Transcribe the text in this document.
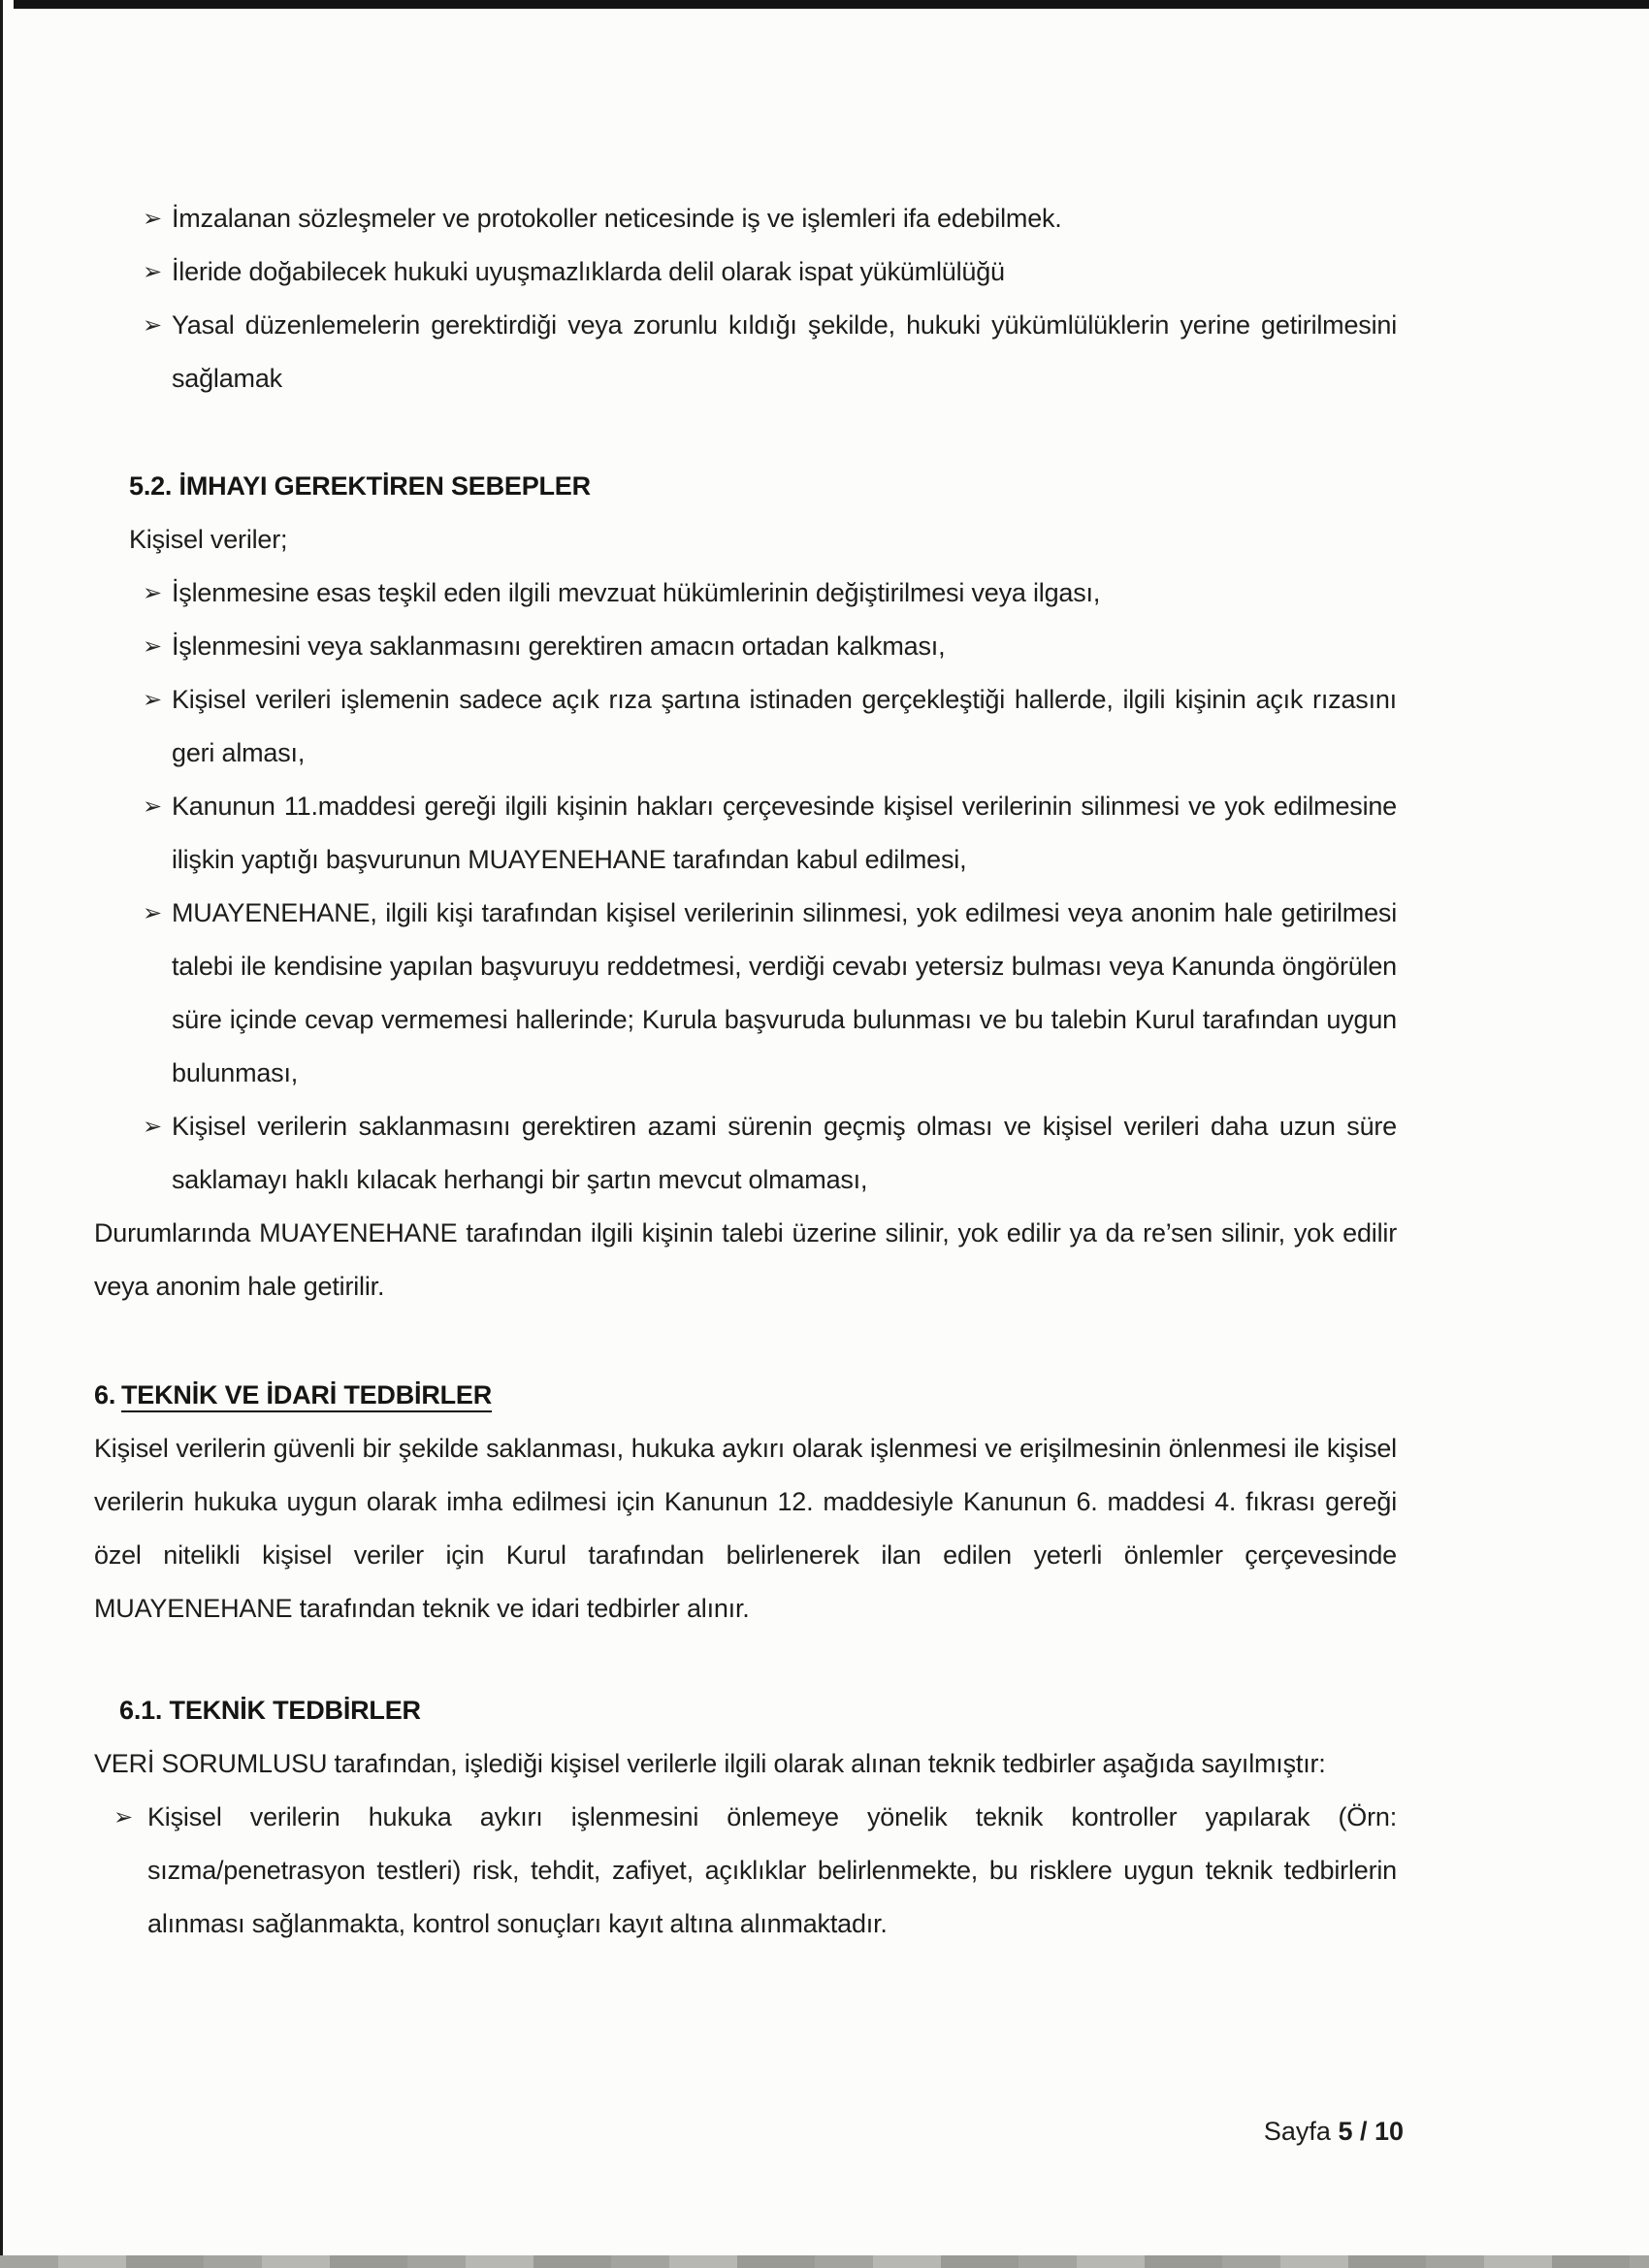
➢ İmzalanan sözleşmeler ve protokoller neticesinde iş ve işlemleri ifa edebilmek.
➢ İleride doğabilecek hukuki uyuşmazlıklarda delil olarak ispat yükümlülüğü
➢ Yasal düzenlemelerin gerektirdiği veya zorunlu kıldığı şekilde, hukuki yükümlülüklerin yerine getirilmesini sağlamak
5.2. İMHAYI GEREKTİREN SEBEPLER
Kişisel veriler;
➢ İşlenmesine esas teşkil eden ilgili mevzuat hükümlerinin değiştirilmesi veya ilgası,
➢ İşlenmesini veya saklanmasını gerektiren amacın ortadan kalkması,
➢ Kişisel verileri işlemenin sadece açık rıza şartına istinaden gerçekleştiği hallerde, ilgili kişinin açık rızasını geri alması,
➢ Kanunun 11.maddesi gereği ilgili kişinin hakları çerçevesinde kişisel verilerinin silinmesi ve yok edilmesine ilişkin yaptığı başvurunun MUAYENEHANE tarafından kabul edilmesi,
➢ MUAYENEHANE, ilgili kişi tarafından kişisel verilerinin silinmesi, yok edilmesi veya anonim hale getirilmesi talebi ile kendisine yapılan başvuruyu reddetmesi, verdiği cevabı yetersiz bulması veya Kanunda öngörülen süre içinde cevap vermemesi hallerinde; Kurula başvuruda bulunması ve bu talebin Kurul tarafından uygun bulunması,
➢ Kişisel verilerin saklanmasını gerektiren azami sürenin geçmiş olması ve kişisel verileri daha uzun süre saklamayı haklı kılacak herhangi bir şartın mevcut olmaması,

Durumlarında MUAYENEHANE tarafından ilgili kişinin talebi üzerine silinir, yok edilir ya da re’sen silinir, yok edilir veya anonim hale getirilir.

6. TEKNİK VE İDARİ TEDBİRLER

Kişisel verilerin güvenli bir şekilde saklanması, hukuka aykırı olarak işlenmesi ve erişilmesinin önlenmesi ile kişisel verilerin hukuka uygun olarak imha edilmesi için Kanunun 12. maddesiyle Kanunun 6. maddesi 4. fıkrası gereği özel nitelikli kişisel veriler için Kurul tarafından belirlenerek ilan edilen yeterli önlemler çerçevesinde MUAYENEHANE tarafından teknik ve idari tedbirler alınır.

6.1. TEKNİK TEDBİRLER

VERİ SORUMLUSU tarafından, işlediği kişisel verilerle ilgili olarak alınan teknik tedbirler aşağıda sayılmıştır:

➢ Kişisel verilerin hukuka aykırı işlenmesini önlemeye yönelik teknik kontroller yapılarak (Örn: sızma/penetrasyon testleri) risk, tehdit, zafiyet, açıklıklar belirlenmekte, bu risklere uygun teknik tedbirlerin alınması sağlanmakta, kontrol sonuçları kayıt altına alınmaktadır.
Sayfa 5 / 10
